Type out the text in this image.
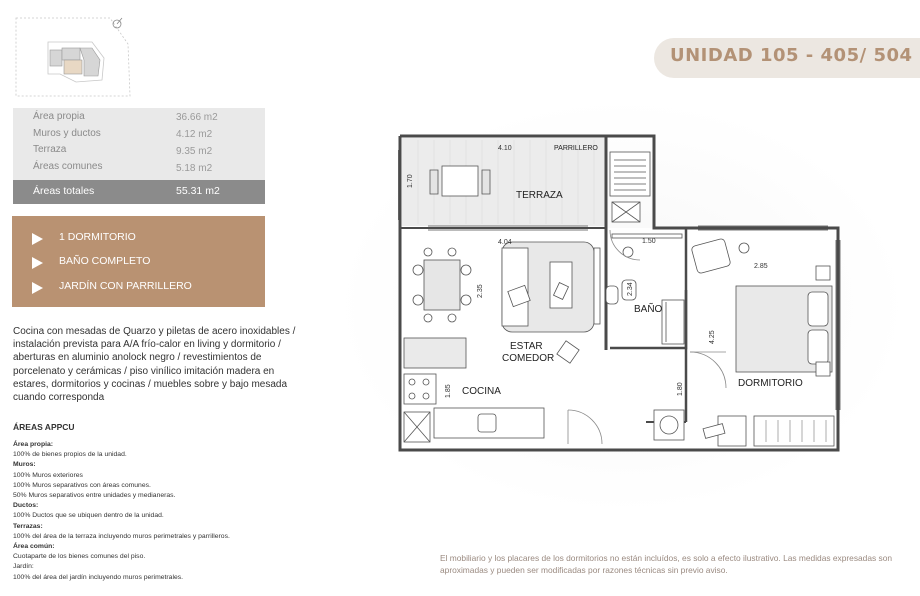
UNIDAD 105 - 405/ 504
Área propia	36.66 m2
Muros y ductos	4.12 m2
Terraza	9.35 m2
Áreas comunes	5.18 m2
Áreas totales	55.31 m2
1 DORMITORIO
BAÑO COMPLETO
JARDÍN CON PARRILLERO

Cocina con mesadas de Quarzo y piletas de acero inoxidables / instalación prevista para A/A frío-calor en living y dormitorio / aberturas en aluminio anolock negro / revestimientos de porcelenato y cerámicas / piso vinílico imitación madera en estares, dormitorios y cocinas / muebles sobre y bajo mesada cuando corresponda

ÁREAS APPCU
Área propia:
100% de bienes propios de la unidad.
Muros:
100% Muros exteriores
100% Muros separativos con áreas comunes.
50% Muros separativos entre unidades y medianeras.
Ductos:
100% Ductos que se ubiquen dentro de la unidad.
Terrazas:
100% del área de la terraza incluyendo muros perimetrales y parrilleros.
Área común:
Cuotaparte de los bienes comunes del piso.
Jardín:
100% del área del jardín incluyendo muros perimetrales.
TERRAZA
PARRILLERO
ESTAR
COMEDOR
COCINA
BAÑO
DORMITORIO
4.10
1.70
4.04
2.35
1.50
2.34
2.85
4.25
1.85	1.80

El mobiliario y los placares de los dormitorios no están incluídos, es solo a efecto ilustrativo. Las medidas expresadas son aproximadas y pueden ser modificadas por razones técnicas sin previo aviso.
